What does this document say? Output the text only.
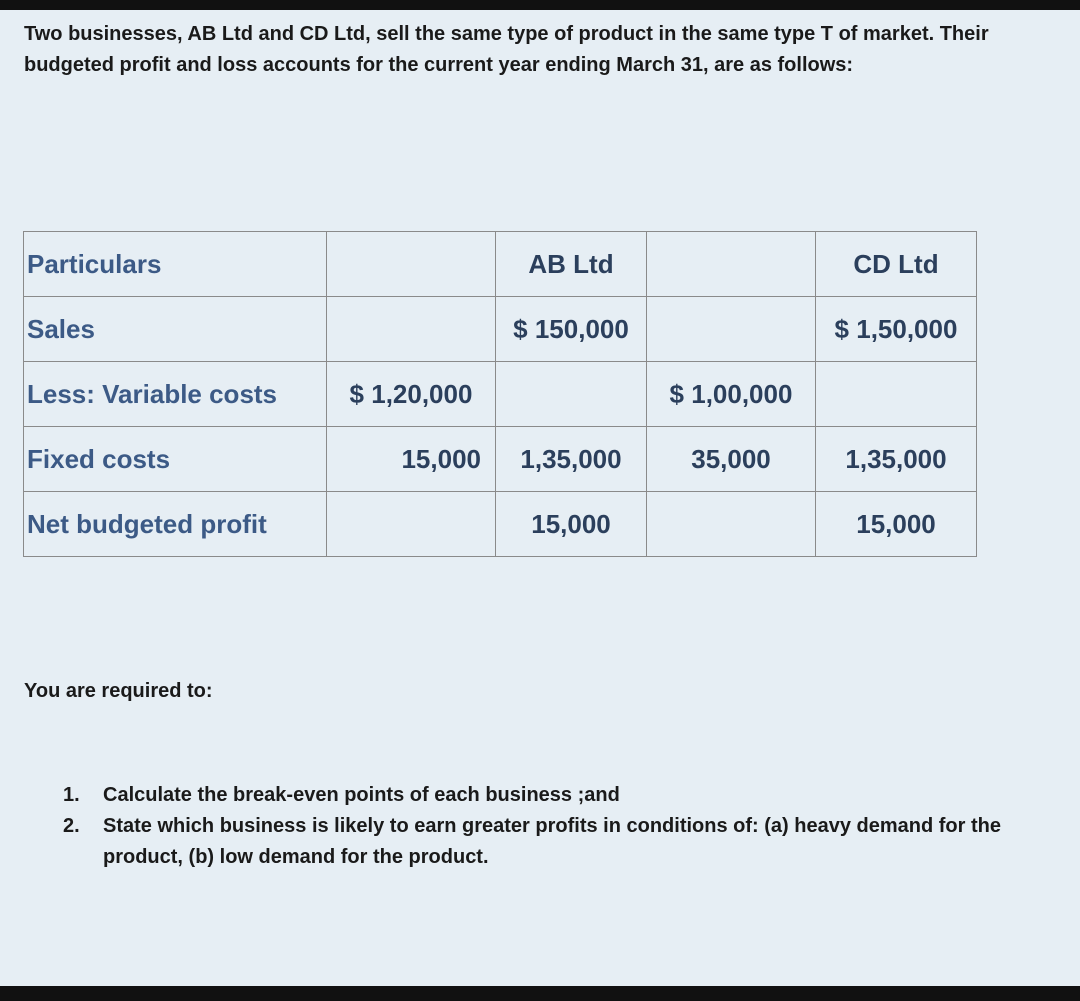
Two businesses, AB Ltd and CD Ltd, sell the same type of product in the same type T of market. Their budgeted profit and loss accounts for the current year ending March 31, are as follows:

Particulars		AB Ltd		CD Ltd
Sales		$ 150,000		$ 1,50,000
Less: Variable costs	$ 1,20,000		$ 1,00,000	
Fixed costs	15,000	1,35,000	35,000	1,35,000
Net budgeted profit		15,000		15,000

You are required to:

1.	Calculate the break-even points of each business ;and
2.	State which business is likely to earn greater profits in conditions of: (a) heavy demand for the product, (b) low demand for the product.
